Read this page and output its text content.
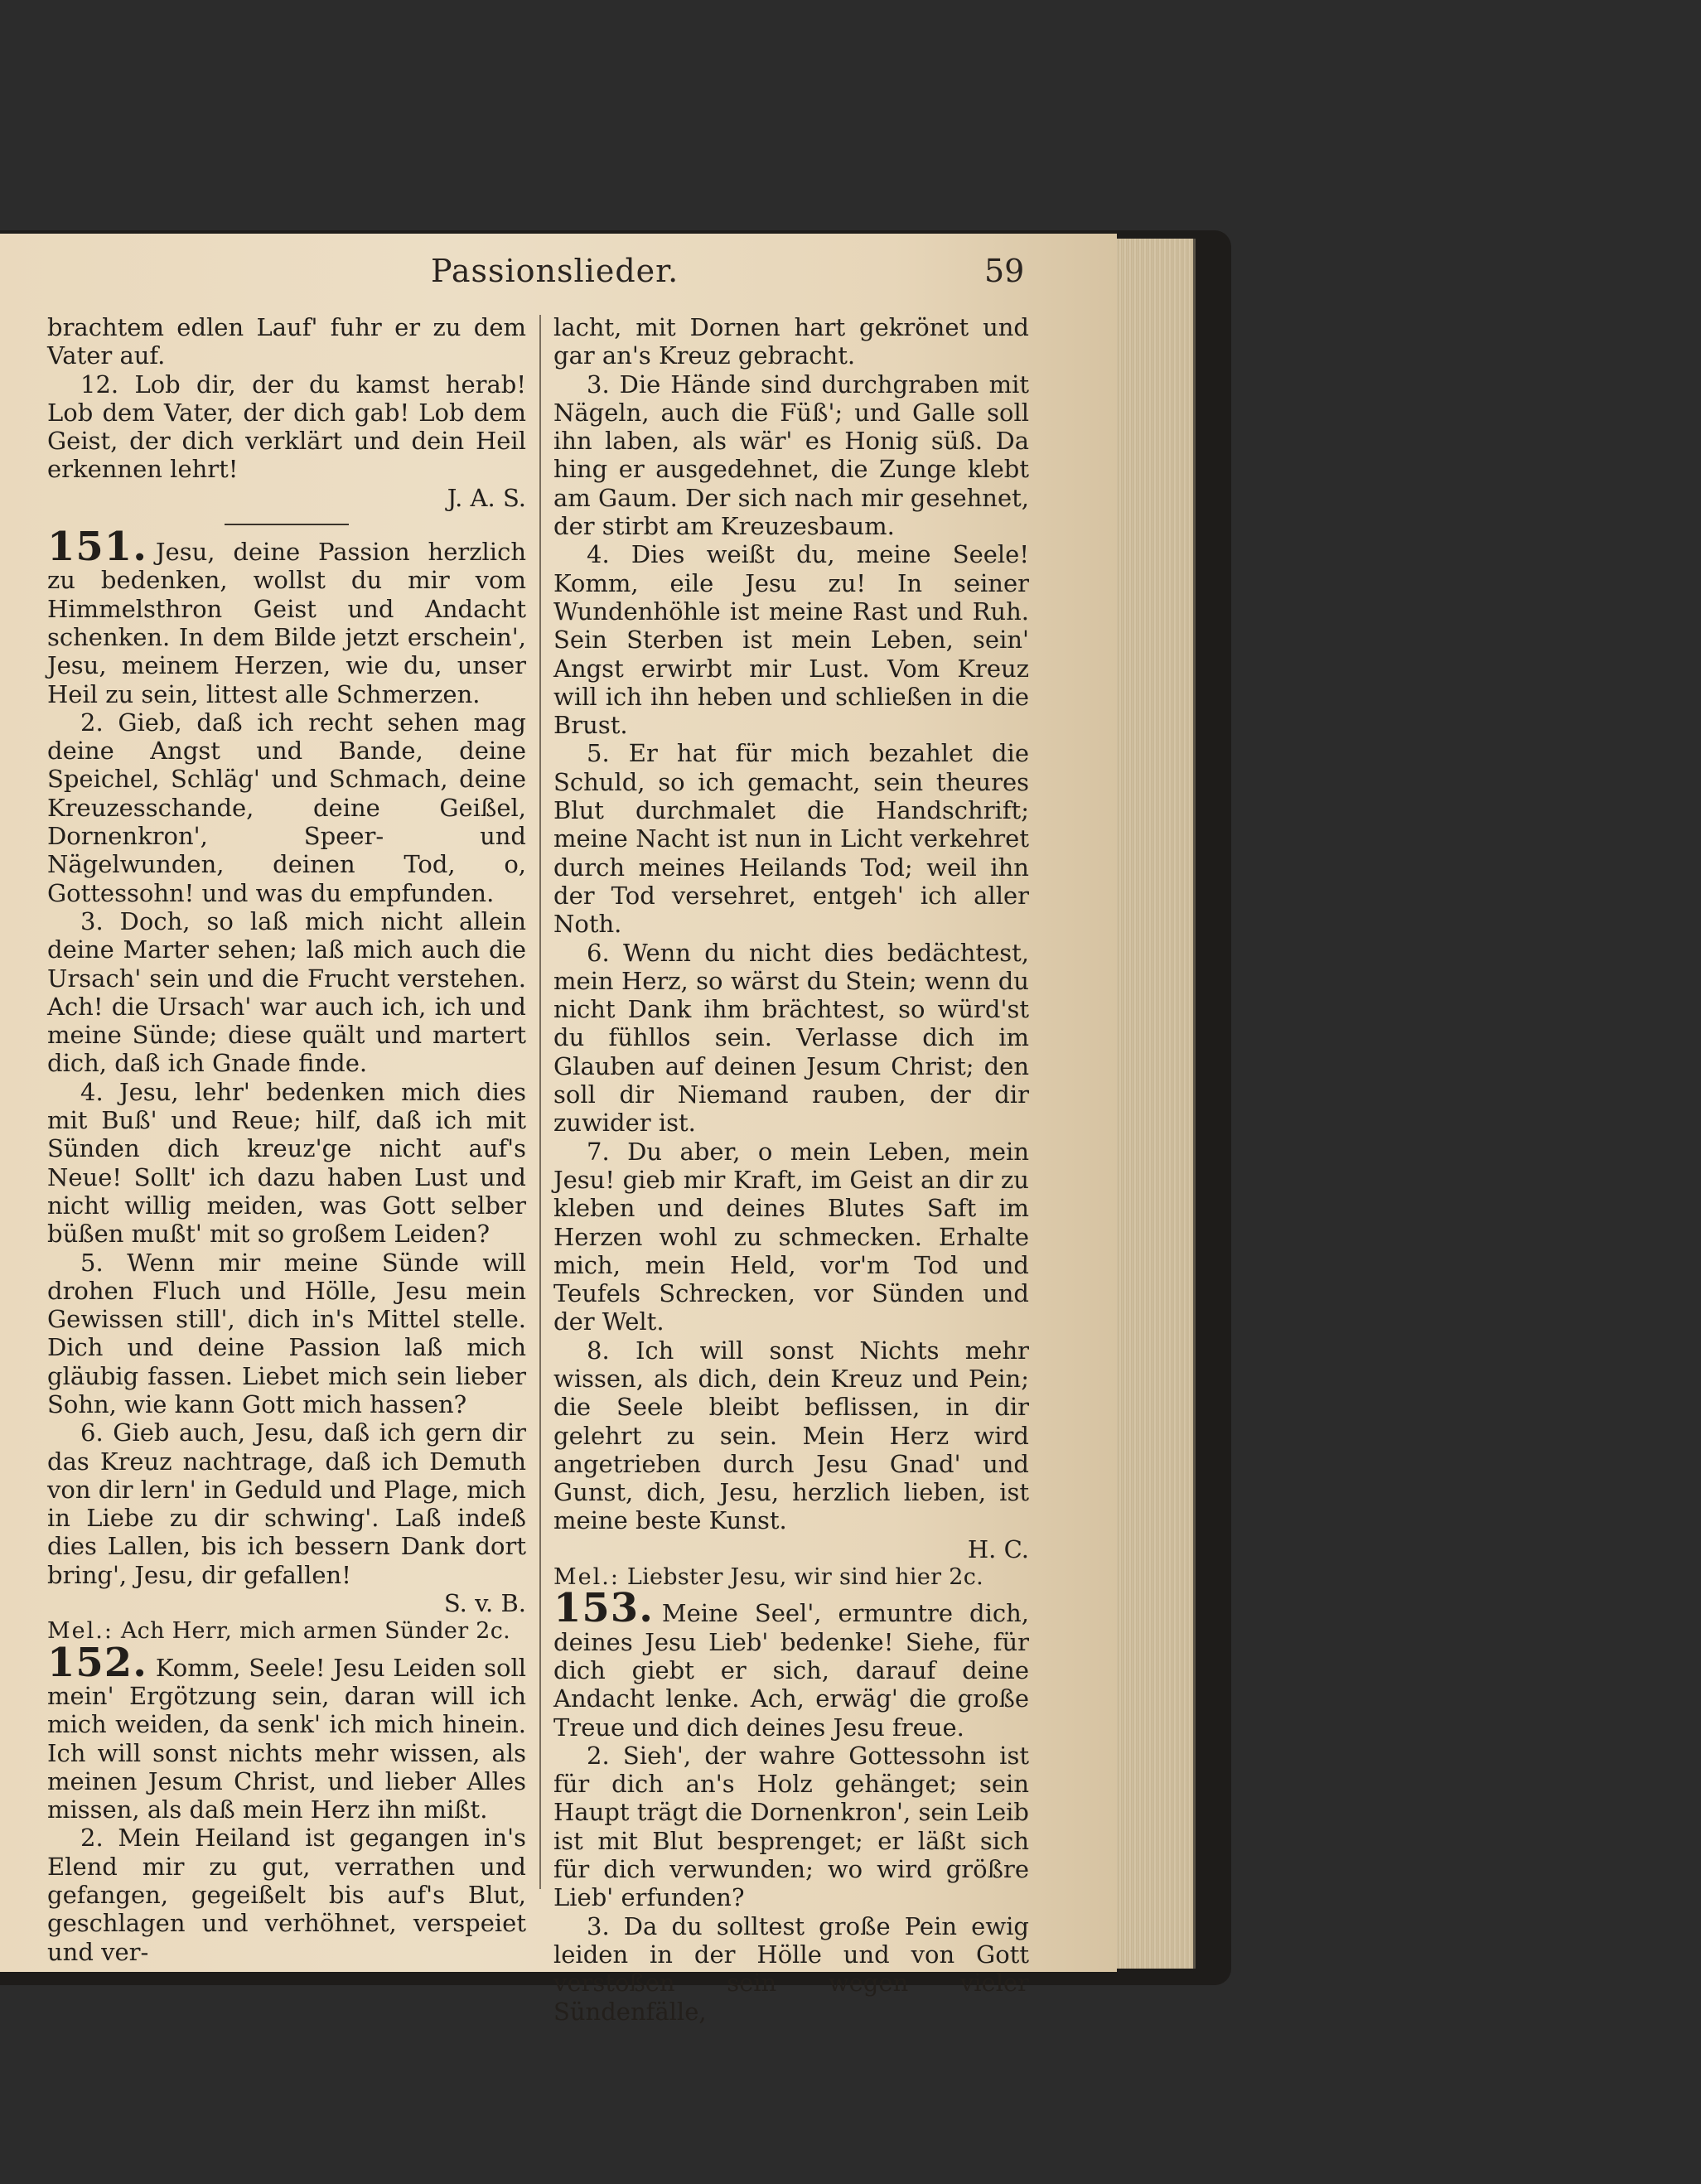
Passionslieder.	59

brachtem edlen Lauf' fuhr er zu dem Vater auf.

12. Lob dir, der du kamst herab! Lob dem Vater, der dich gab! Lob dem Geist, der dich verklärt und dein Heil erkennen lehrt!

J. A. S.

151. Jesu, deine Passion herzlich zu bedenken, wollst du mir vom Himmelsthron Geist und Andacht schenken. In dem Bilde jetzt erschein', Jesu, meinem Herzen, wie du, unser Heil zu sein, littest alle Schmerzen.

2. Gieb, daß ich recht sehen mag deine Angst und Bande, deine Speichel, Schläg' und Schmach, deine Kreuzesschande, deine Geißel, Dornenkron', Speer- und Nägelwunden, deinen Tod, o, Gottessohn! und was du empfunden.

3. Doch, so laß mich nicht allein deine Marter sehen; laß mich auch die Ursach' sein und die Frucht verstehen. Ach! die Ursach' war auch ich, ich und meine Sünde; diese quält und martert dich, daß ich Gnade finde.

4. Jesu, lehr' bedenken mich dies mit Buß' und Reue; hilf, daß ich mit Sünden dich kreuz'ge nicht auf's Neue! Sollt' ich dazu haben Lust und nicht willig meiden, was Gott selber büßen mußt' mit so großem Leiden?

5. Wenn mir meine Sünde will drohen Fluch und Hölle, Jesu mein Gewissen still', dich in's Mittel stelle. Dich und deine Passion laß mich gläubig fassen. Liebet mich sein lieber Sohn, wie kann Gott mich hassen?

6. Gieb auch, Jesu, daß ich gern dir das Kreuz nachtrage, daß ich Demuth von dir lern' in Geduld und Plage, mich in Liebe zu dir schwing'. Laß indeß dies Lallen, bis ich bessern Dank dort bring', Jesu, dir gefallen!

S. v. B.

Mel.: Ach Herr, mich armen Sünder 2c.

152. Komm, Seele! Jesu Leiden soll mein' Ergötzung sein, daran will ich mich weiden, da senk' ich mich hinein. Ich will sonst nichts mehr wissen, als meinen Jesum Christ, und lieber Alles missen, als daß mein Herz ihn mißt.

2. Mein Heiland ist gegangen in's Elend mir zu gut, verrathen und gefangen, gegeißelt bis auf's Blut, geschlagen und verhöhnet, verspeiet und ver-

lacht, mit Dornen hart gekrönet und gar an's Kreuz gebracht.

3. Die Hände sind durchgraben mit Nägeln, auch die Füß'; und Galle soll ihn laben, als wär' es Honig süß. Da hing er ausgedehnet, die Zunge klebt am Gaum. Der sich nach mir gesehnet, der stirbt am Kreuzesbaum.

4. Dies weißt du, meine Seele! Komm, eile Jesu zu! In seiner Wundenhöhle ist meine Rast und Ruh. Sein Sterben ist mein Leben, sein' Angst erwirbt mir Lust. Vom Kreuz will ich ihn heben und schließen in die Brust.

5. Er hat für mich bezahlet die Schuld, so ich gemacht, sein theures Blut durchmalet die Handschrift; meine Nacht ist nun in Licht verkehret durch meines Heilands Tod; weil ihn der Tod versehret, entgeh' ich aller Noth.

6. Wenn du nicht dies bedächtest, mein Herz, so wärst du Stein; wenn du nicht Dank ihm brächtest, so würd'st du fühllos sein. Verlasse dich im Glauben auf deinen Jesum Christ; den soll dir Niemand rauben, der dir zuwider ist.

7. Du aber, o mein Leben, mein Jesu! gieb mir Kraft, im Geist an dir zu kleben und deines Blutes Saft im Herzen wohl zu schmecken. Erhalte mich, mein Held, vor'm Tod und Teufels Schrecken, vor Sünden und der Welt.

8. Ich will sonst Nichts mehr wissen, als dich, dein Kreuz und Pein; die Seele bleibt beflissen, in dir gelehrt zu sein. Mein Herz wird angetrieben durch Jesu Gnad' und Gunst, dich, Jesu, herzlich lieben, ist meine beste Kunst.

H. C.

Mel.: Liebster Jesu, wir sind hier 2c.

153. Meine Seel', ermuntre dich, deines Jesu Lieb' bedenke! Siehe, für dich giebt er sich, darauf deine Andacht lenke. Ach, erwäg' die große Treue und dich deines Jesu freue.

2. Sieh', der wahre Gottessohn ist für dich an's Holz gehänget; sein Haupt trägt die Dornenkron', sein Leib ist mit Blut besprenget; er läßt sich für dich verwunden; wo wird größre Lieb' erfunden?

3. Da du solltest große Pein ewig leiden in der Hölle und von Gott verstoßen sein wegen vieler Sündenfälle,
